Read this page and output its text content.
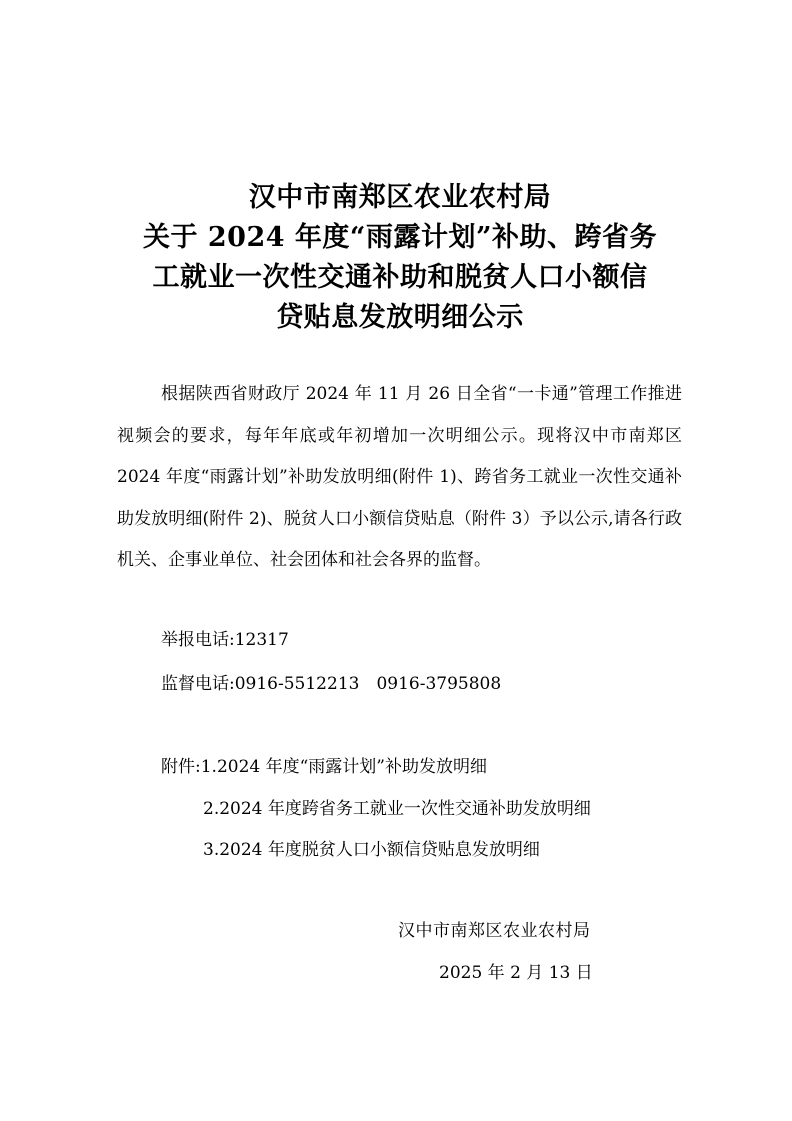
汉中市南郑区农业农村局
关于 2024 年度“雨露计划”补助、跨省务
工就业一次性交通补助和脱贫人口小额信
贷贴息发放明细公示

根据陕西省财政厅 2024 年 11 月 26 日全省“一卡通”管理工作推进视频会的要求，每年年底或年初增加一次明细公示。现将汉中市南郑区 2024 年度“雨露计划”补助发放明细(附件 1)、跨省务工就业一次性交通补助发放明细(附件 2)、脱贫人口小额信贷贴息（附件 3）予以公示,请各行政机关、企事业单位、社会团体和社会各界的监督。

举报电话:12317
监督电话:0916-5512213　0916-3795808
附件:1.2024 年度“雨露计划”补助发放明细
2.2024 年度跨省务工就业一次性交通补助发放明细
3.2024 年度脱贫人口小额信贷贴息发放明细
汉中市南郑区农业农村局
2025 年 2 月 13 日
